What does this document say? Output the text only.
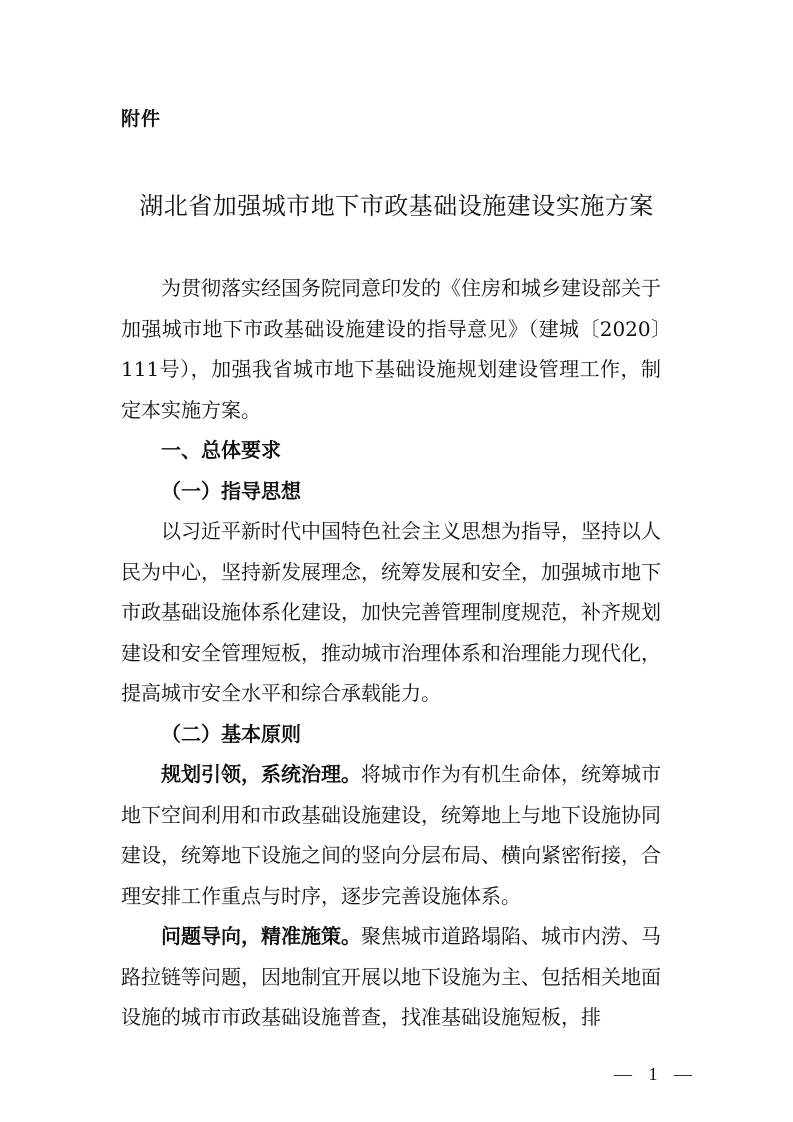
附件
湖北省加强城市地下市政基础设施建设实施方案

为贯彻落实经国务院同意印发的《住房和城乡建设部关于加强城市地下市政基础设施建设的指导意见》（建城〔2020〕111号），加强我省城市地下基础设施规划建设管理工作，制定本实施方案。

一、总体要求

（一）指导思想

以习近平新时代中国特色社会主义思想为指导，坚持以人民为中心，坚持新发展理念，统筹发展和安全，加强城市地下市政基础设施体系化建设，加快完善管理制度规范，补齐规划建设和安全管理短板，推动城市治理体系和治理能力现代化，提高城市安全水平和综合承载能力。

（二）基本原则

规划引领，系统治理。将城市作为有机生命体，统筹城市地下空间利用和市政基础设施建设，统筹地上与地下设施协同建设，统筹地下设施之间的竖向分层布局、横向紧密衔接，合理安排工作重点与时序，逐步完善设施体系。

问题导向，精准施策。聚焦城市道路塌陷、城市内涝、马路拉链等问题，因地制宜开展以地下设施为主、包括相关地面设施的城市市政基础设施普查，找准基础设施短板，排

— 1 —
